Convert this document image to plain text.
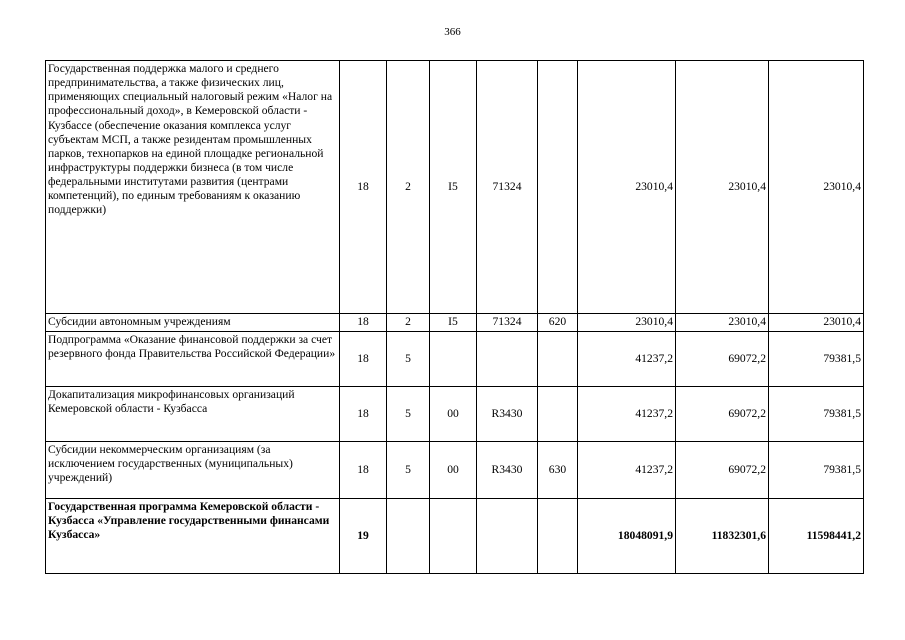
366
Государственная поддержка малого и среднего предпринимательства, а также физических лиц, применяющих специальный налоговый режим «Налог на профессиональный доход», в Кемеровской области - Кузбассе (обеспечение оказания комплекса услуг субъектам МСП, а также резидентам промышленных парков, технопарков на единой площадке региональной инфраструктуры поддержки бизнеса (в том числе федеральными институтами развития (центрами компетенций), по единым требованиям к оказанию поддержки)	18	2	I5	71324		23010,4	23010,4	23010,4
Субсидии автономным учреждениям	18	2	I5	71324	620	23010,4	23010,4	23010,4
Подпрограмма «Оказание финансовой поддержки за счет резервного фонда Правительства Российской Федерации»	18	5				41237,2	69072,2	79381,5
Докапитализация микрофинансовых организаций Кемеровской области - Кузбасса	18	5	00	R3430		41237,2	69072,2	79381,5
Субсидии некоммерческим организациям (за исключением государственных (муниципальных) учреждений)	18	5	00	R3430	630	41237,2	69072,2	79381,5
Государственная программа Кемеровской области - Кузбасса «Управление государственными финансами Кузбасса»	19					18048091,9	11832301,6	11598441,2
